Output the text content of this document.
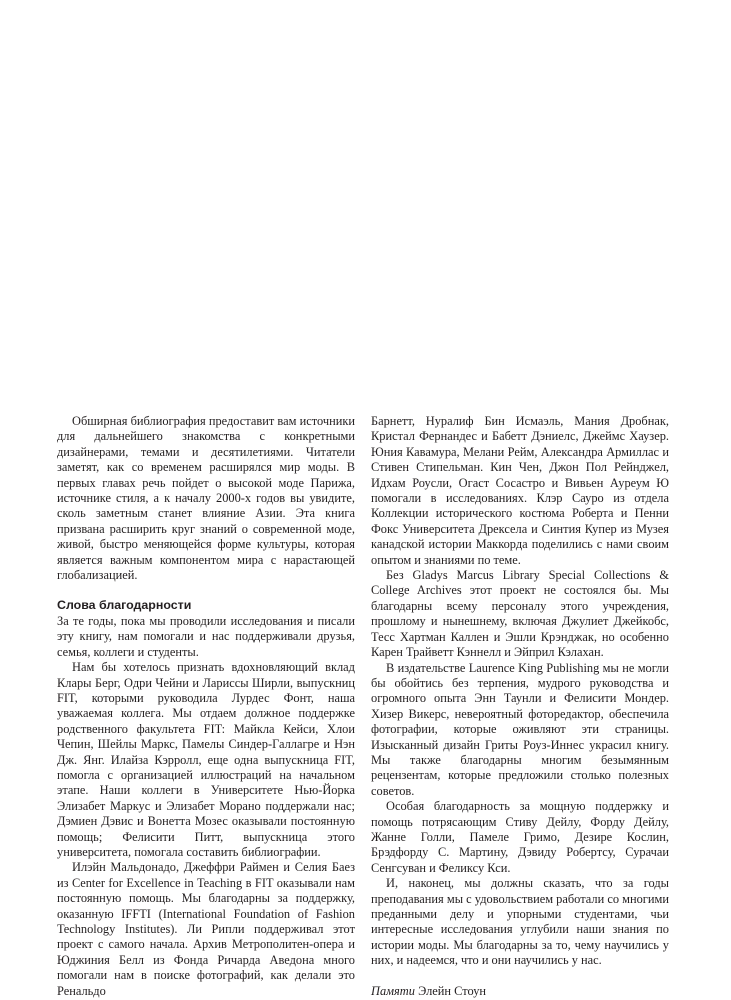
Обширная библиография предоставит вам источники для дальнейшего знакомства с конкретными дизайнерами, темами и десятилетиями. Читатели заметят, как со временем расширялся мир моды. В первых главах речь пойдет о высокой моде Парижа, источнике стиля, а к началу 2000-х годов вы увидите, сколь заметным станет влияние Азии. Эта книга призвана расширить круг знаний о современной моде, живой, быстро меняющейся форме культуры, которая является важным компонентом мира с нарастающей глобализацией.

Слова благодарности

За те годы, пока мы проводили исследования и писали эту книгу, нам помогали и нас поддерживали друзья, семья, коллеги и студенты.

Нам бы хотелось признать вдохновляющий вклад Клары Берг, Одри Чейни и Лариссы Ширли, выпускниц FIT, которыми руководила Лурдес Фонт, наша уважаемая коллега. Мы отдаем должное поддержке родственного факультета FIT: Майкла Кейси, Хлои Чепин, Шейлы Маркс, Памелы Синдер-Галлагре и Нэн Дж. Янг. Илайза Кэрролл, еще одна выпускница FIT, помогла с организацией иллюстраций на начальном этапе. Наши коллеги в Университете Нью-Йорка Элизабет Маркус и Элизабет Морано поддержали нас; Дэмиен Дэвис и Вонетта Мозес оказывали постоянную помощь; Фелисити Питт, выпускница этого университета, помогала составить библиографии.

Илэйн Мальдонадо, Джеффри Раймен и Селия Баез из Center for Excellence in Teaching в FIT оказывали нам постоянную помощь. Мы благодарны за поддержку, оказанную IFFTI (International Foundation of Fashion Technology Institutes). Ли Рипли поддерживал этот проект с самого начала. Архив Метрополитен-опера и Юджиния Белл из Фонда Ричарда Аведона много помогали нам в поиске фотографий, как делали это Ренальдо

Барнетт, Нуралиф Бин Исмаэль, Мания Дробнак, Кристал Фернандес и Бабетт Дэниелс, Джеймс Хаузер. Юния Кавамура, Мелани Рейм, Александра Армиллас и Стивен Стипельман. Кин Чен, Джон Пол Рейнджел, Идхам Роусли, Огаст Сосастро и Вивьен Ауреум Ю помогали в исследованиях. Клэр Сауро из отдела Коллекции исторического костюма Роберта и Пенни Фокс Университета Дрексела и Синтия Купер из Музея канадской истории Маккорда поделились с нами своим опытом и знаниями по теме.

Без Gladys Marcus Library Special Collections & College Archives этот проект не состоялся бы. Мы благодарны всему персоналу этого учреждения, прошлому и нынешнему, включая Джулиет Джейкобс, Тесс Хартман Каллен и Эшли Крэнджак, но особенно Карен Трайветт Кэннелл и Эйприл Кэлахан.

В издательстве Laurence King Publishing мы не могли бы обойтись без терпения, мудрого руководства и огромного опыта Энн Таунли и Фелисити Мондер. Хизер Викерс, невероятный фоторедактор, обеспечила фотографии, которые оживляют эти страницы. Изысканный дизайн Гриты Роуз-Иннес украсил книгу. Мы также благодарны многим безымянным рецензентам, которые предложили столько полезных советов.

Особая благодарность за мощную поддержку и помощь потрясающим Стиву Дейлу, Форду Дейлу, Жанне Голли, Памеле Гримо, Дезире Кослин, Брэдфорду С. Мартину, Дэвиду Робертсу, Сурачаи Сенгсуван и Феликсу Кси.

И, наконец, мы должны сказать, что за годы преподавания мы с удовольствием работали со многими преданными делу и упорными студентами, чьи интересные исследования углубили наши знания по истории моды. Мы благодарны за то, чему научились у них, и надеемся, что и они научились у нас.

Памяти Элейн Стоун
